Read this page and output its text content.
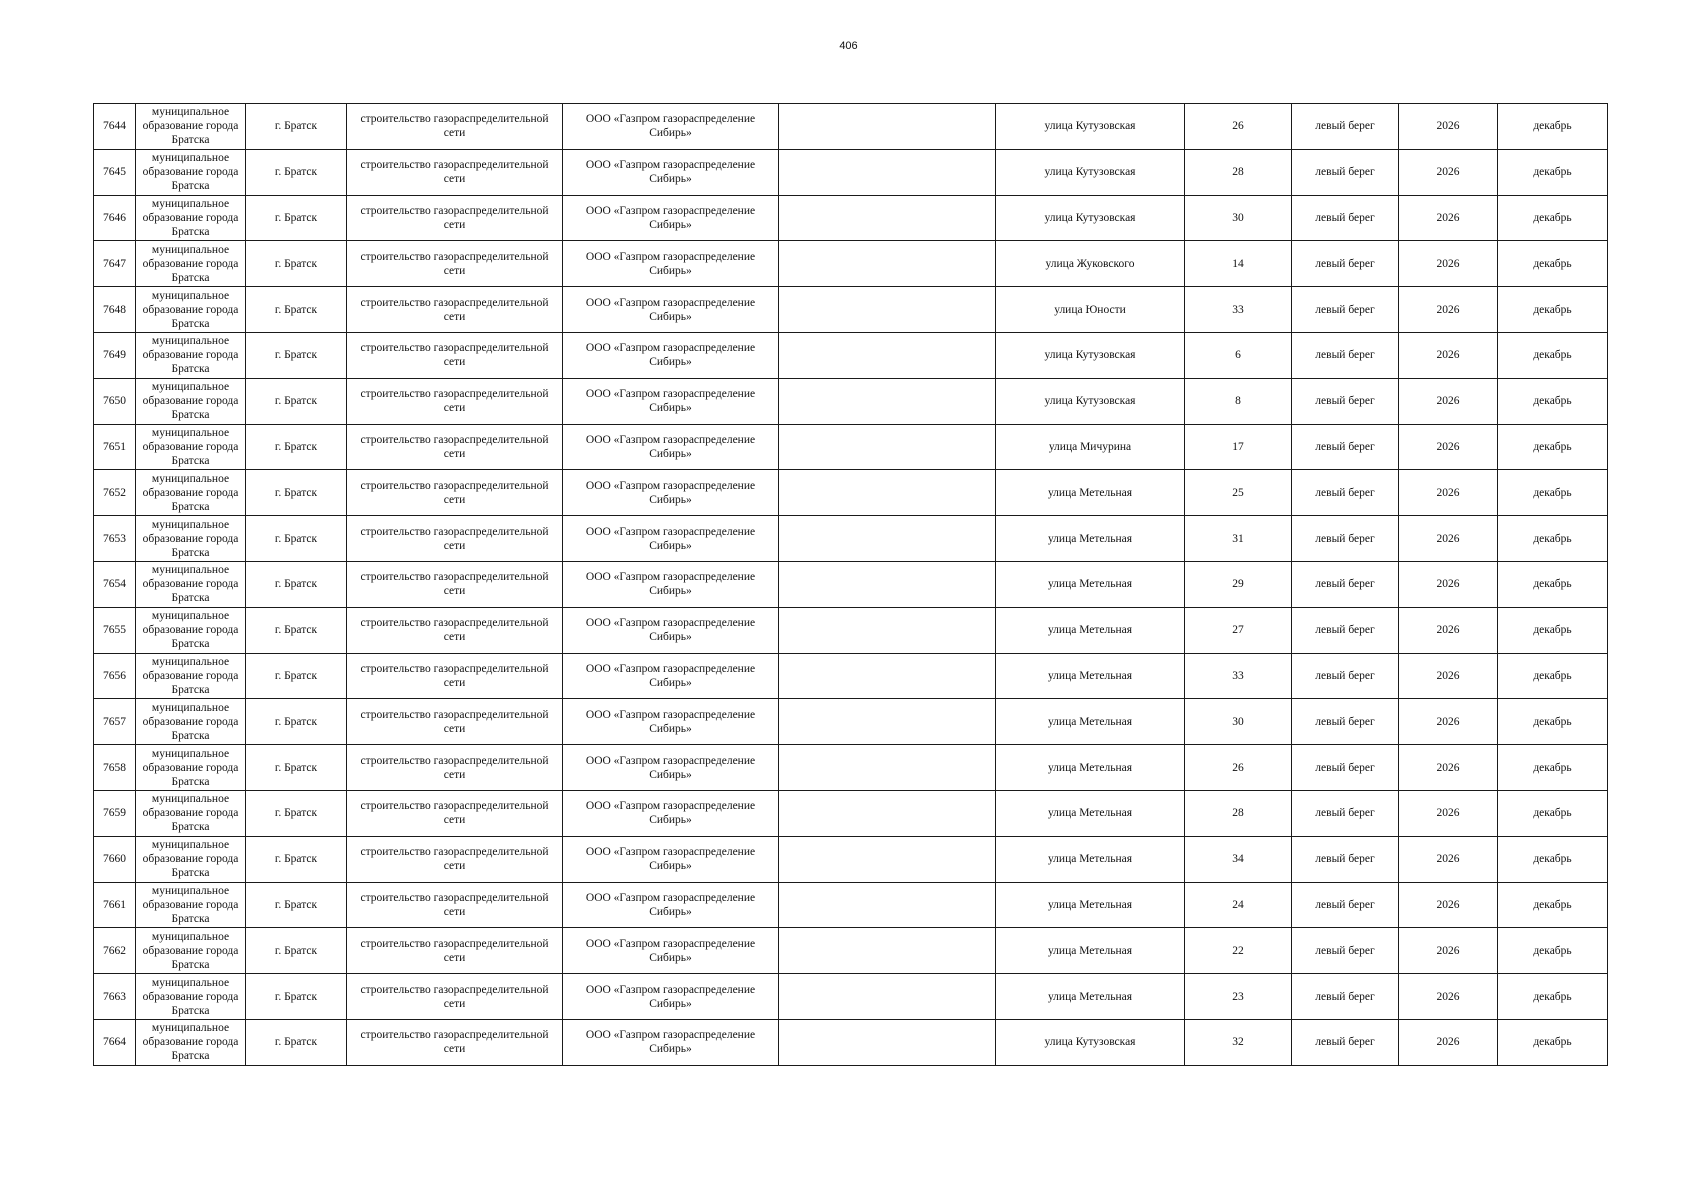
406
7644	муниципальное образование города Братска	г. Братск	строительство газораспределительной сети	ООО «Газпром газораспределение Сибирь»		улица Кутузовская	26	левый берег	2026	декабрь
7645	муниципальное образование города Братска	г. Братск	строительство газораспределительной сети	ООО «Газпром газораспределение Сибирь»		улица Кутузовская	28	левый берег	2026	декабрь
7646	муниципальное образование города Братска	г. Братск	строительство газораспределительной сети	ООО «Газпром газораспределение Сибирь»		улица Кутузовская	30	левый берег	2026	декабрь
7647	муниципальное образование города Братска	г. Братск	строительство газораспределительной сети	ООО «Газпром газораспределение Сибирь»		улица Жуковского	14	левый берег	2026	декабрь
7648	муниципальное образование города Братска	г. Братск	строительство газораспределительной сети	ООО «Газпром газораспределение Сибирь»		улица Юности	33	левый берег	2026	декабрь
7649	муниципальное образование города Братска	г. Братск	строительство газораспределительной сети	ООО «Газпром газораспределение Сибирь»		улица Кутузовская	6	левый берег	2026	декабрь
7650	муниципальное образование города Братска	г. Братск	строительство газораспределительной сети	ООО «Газпром газораспределение Сибирь»		улица Кутузовская	8	левый берег	2026	декабрь
7651	муниципальное образование города Братска	г. Братск	строительство газораспределительной сети	ООО «Газпром газораспределение Сибирь»		улица Мичурина	17	левый берег	2026	декабрь
7652	муниципальное образование города Братска	г. Братск	строительство газораспределительной сети	ООО «Газпром газораспределение Сибирь»		улица Метельная	25	левый берег	2026	декабрь
7653	муниципальное образование города Братска	г. Братск	строительство газораспределительной сети	ООО «Газпром газораспределение Сибирь»		улица Метельная	31	левый берег	2026	декабрь
7654	муниципальное образование города Братска	г. Братск	строительство газораспределительной сети	ООО «Газпром газораспределение Сибирь»		улица Метельная	29	левый берег	2026	декабрь
7655	муниципальное образование города Братска	г. Братск	строительство газораспределительной сети	ООО «Газпром газораспределение Сибирь»		улица Метельная	27	левый берег	2026	декабрь
7656	муниципальное образование города Братска	г. Братск	строительство газораспределительной сети	ООО «Газпром газораспределение Сибирь»		улица Метельная	33	левый берег	2026	декабрь
7657	муниципальное образование города Братска	г. Братск	строительство газораспределительной сети	ООО «Газпром газораспределение Сибирь»		улица Метельная	30	левый берег	2026	декабрь
7658	муниципальное образование города Братска	г. Братск	строительство газораспределительной сети	ООО «Газпром газораспределение Сибирь»		улица Метельная	26	левый берег	2026	декабрь
7659	муниципальное образование города Братска	г. Братск	строительство газораспределительной сети	ООО «Газпром газораспределение Сибирь»		улица Метельная	28	левый берег	2026	декабрь
7660	муниципальное образование города Братска	г. Братск	строительство газораспределительной сети	ООО «Газпром газораспределение Сибирь»		улица Метельная	34	левый берег	2026	декабрь
7661	муниципальное образование города Братска	г. Братск	строительство газораспределительной сети	ООО «Газпром газораспределение Сибирь»		улица Метельная	24	левый берег	2026	декабрь
7662	муниципальное образование города Братска	г. Братск	строительство газораспределительной сети	ООО «Газпром газораспределение Сибирь»		улица Метельная	22	левый берег	2026	декабрь
7663	муниципальное образование города Братска	г. Братск	строительство газораспределительной сети	ООО «Газпром газораспределение Сибирь»		улица Метельная	23	левый берег	2026	декабрь
7664	муниципальное образование города Братска	г. Братск	строительство газораспределительной сети	ООО «Газпром газораспределение Сибирь»		улица Кутузовская	32	левый берег	2026	декабрь
